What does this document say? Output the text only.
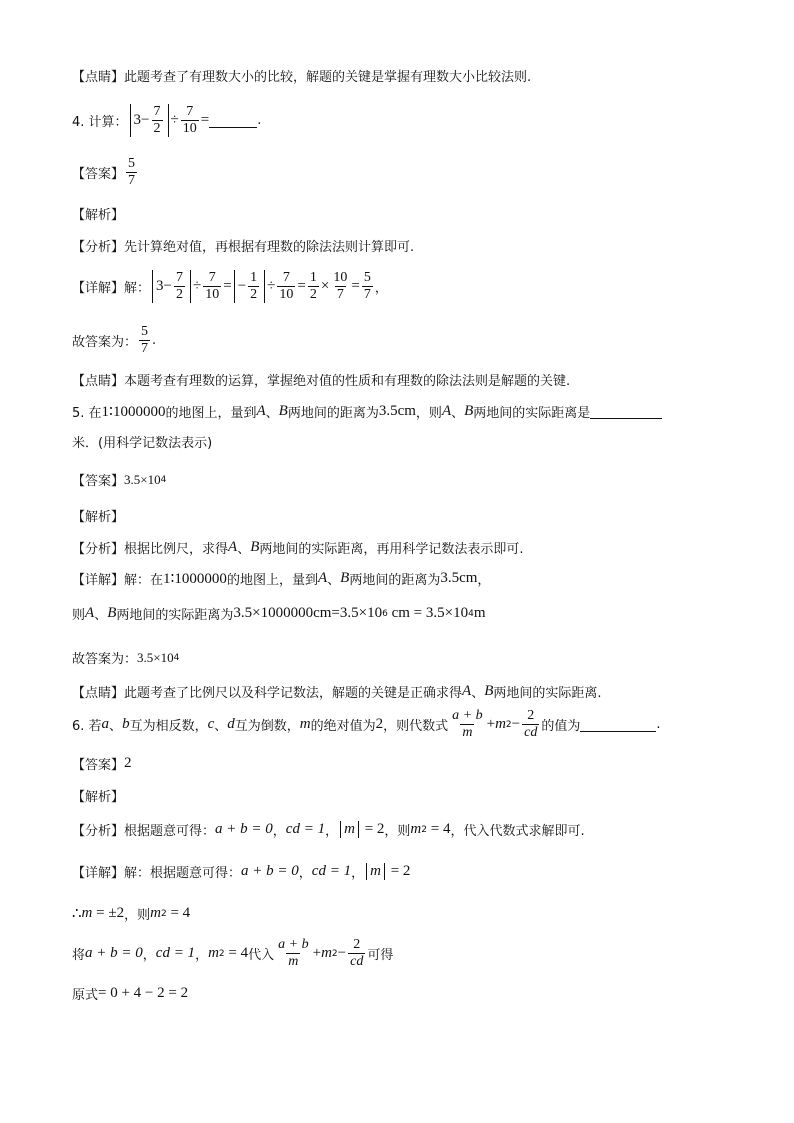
【点睛】 此题考查了有理数大小的比较，解题的关键是掌握有理数大小比较法则.
4. 计算： $3 - \frac{7}{2} \div \frac{7}{10}$ =	.
【答案】 $\frac{5}{7}$
【解析】
【分析】 先计算绝对值，再根据有理数的除法法则计算即可.
【详解】 解： $3 - \frac{7}{2} \div \frac{7}{10}$ = − $\frac{1}{2} \div \frac{7}{10} = \frac{1}{2} \times \frac{10}{7} = \frac{5}{7}$ ，
故答案为： $\frac{5}{7}$ .
【点睛】 本题考查有理数的运算，掌握绝对值的性质和有理数的除法法则是解题的关键.
5. 在 1∶1000000 的地图上，量到 A 、 B 两地间的距离为 3.5cm ，则 A 、 B 两地间的实际距离是
米．(用科学记数法表示)
【答案】 3.5×10 4
【解析】
【分析】 根据比例尺，求得 A 、 B 两地间的实际距离，再用科学记数法表示即可.
【详解】 解：在 1∶1000000 的地图上，量到 A 、 B 两地间的距离为 3.5cm ，
则 A 、 B 两地间的实际距离为 3.5×1000000cm=3.5×10 6 cm = 3.5×10 4 m
故答案为： 3.5×10 4
【点睛】 此题考查了比例尺以及科学记数法，解题的关键是正确求得 A 、 B 两地间的实际距离.
6. 若 a 、 b 互为相反数， c 、 d 互为倒数， m 的绝对值为 2 ，则代数式 $\frac{a + b}{m} + m$ $2 - \frac{2}{cd}$ 的值为	.
【答案】 2
【解析】
【分析】 根据题意可得： a + b = 0 ， cd = 1 ， m = 2 ，则 m 2 = 4 ，代入代数式求解即可.
【详解】 解：根据题意可得： a + b = 0 ， cd = 1 ， m = 2
∴ m = ±2 ，则 m 2 = 4
将 a + b = 0 ， cd = 1 ， m 2 = 4 代入 $\frac{a + b}{m} + m$ $2 - \frac{2}{cd}$ 可得
原式 = 0 + 4 − 2 = 2
